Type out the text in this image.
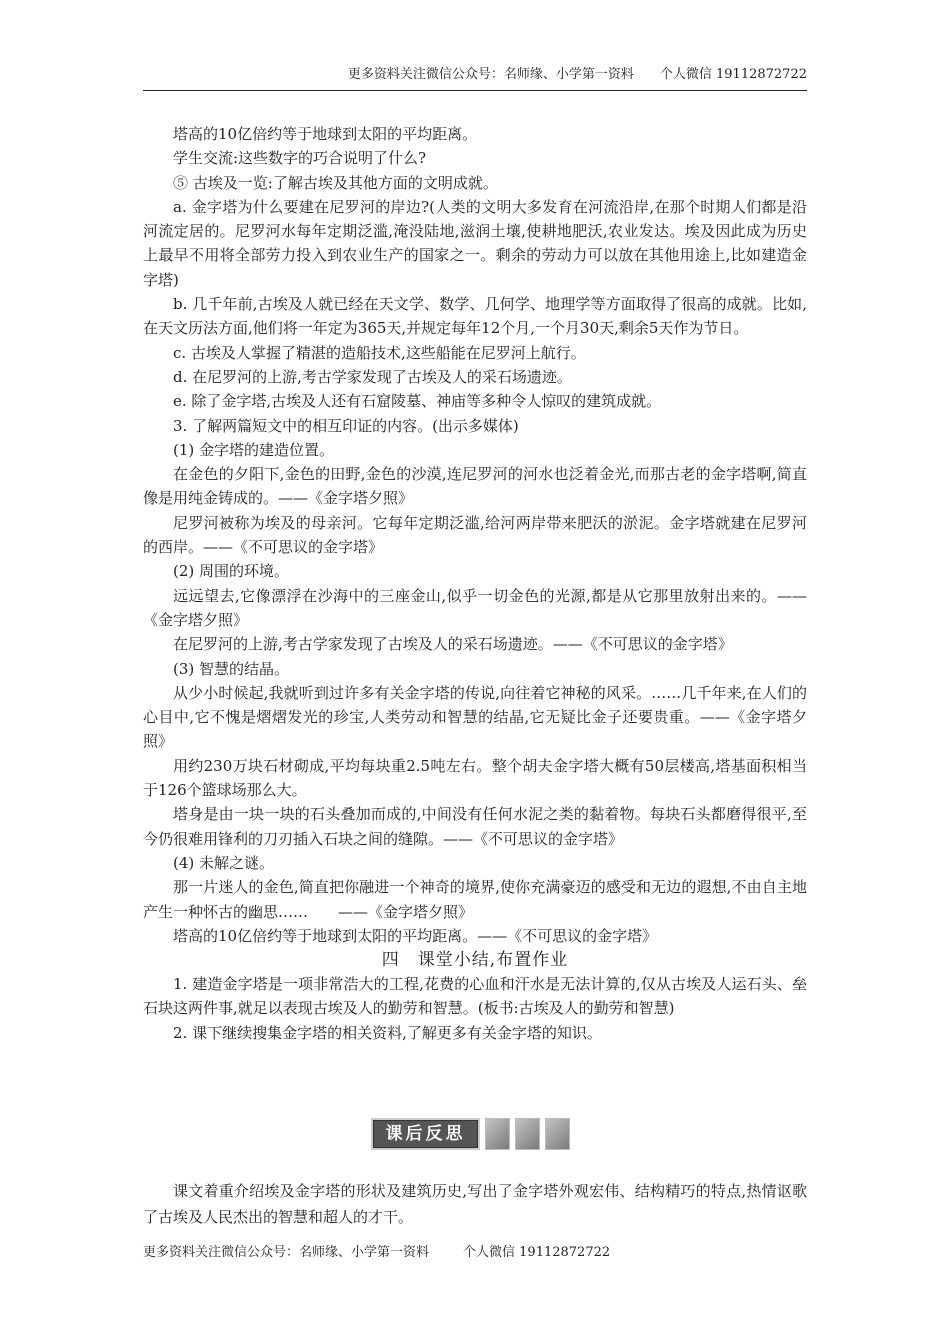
更多资料关注微信公众号：名师缘、小学第一资料 个人微信 19112872722

塔高的10亿倍约等于地球到太阳的平均距离。

学生交流:这些数字的巧合说明了什么?

⑤ 古埃及一览:了解古埃及其他方面的文明成就。

a. 金字塔为什么要建在尼罗河的岸边?(人类的文明大多发育在河流沿岸,在那个时期人们都是沿河流定居的。尼罗河水每年定期泛滥,淹没陆地,滋润土壤,使耕地肥沃,农业发达。埃及因此成为历史上最早不用将全部劳力投入到农业生产的国家之一。剩余的劳动力可以放在其他用途上,比如建造金字塔)

b. 几千年前,古埃及人就已经在天文学、数学、几何学、地理学等方面取得了很高的成就。比如,在天文历法方面,他们将一年定为365天,并规定每年12个月,一个月30天,剩余5天作为节日。

c. 古埃及人掌握了精湛的造船技术,这些船能在尼罗河上航行。

d. 在尼罗河的上游,考古学家发现了古埃及人的采石场遗迹。

e. 除了金字塔,古埃及人还有石窟陵墓、神庙等多种令人惊叹的建筑成就。

3. 了解两篇短文中的相互印证的内容。(出示多媒体)

(1) 金字塔的建造位置。

在金色的夕阳下,金色的田野,金色的沙漠,连尼罗河的河水也泛着金光,而那古老的金字塔啊,简直像是用纯金铸成的。——《金字塔夕照》

尼罗河被称为埃及的母亲河。它每年定期泛滥,给河两岸带来肥沃的淤泥。金字塔就建在尼罗河的西岸。——《不可思议的金字塔》

(2) 周围的环境。

远远望去,它像漂浮在沙海中的三座金山,似乎一切金色的光源,都是从它那里放射出来的。——《金字塔夕照》

在尼罗河的上游,考古学家发现了古埃及人的采石场遗迹。——《不可思议的金字塔》

(3) 智慧的结晶。

从少小时候起,我就听到过许多有关金字塔的传说,向往着它神秘的风采。……几千年来,在人们的心目中,它不愧是熠熠发光的珍宝,人类劳动和智慧的结晶,它无疑比金子还要贵重。——《金字塔夕照》

用约230万块石材砌成,平均每块重2.5吨左右。整个胡夫金字塔大概有50层楼高,塔基面积相当于126个篮球场那么大。

塔身是由一块一块的石头叠加而成的,中间没有任何水泥之类的黏着物。每块石头都磨得很平,至今仍很难用锋利的刀刃插入石块之间的缝隙。——《不可思议的金字塔》

(4) 未解之谜。

那一片迷人的金色,简直把你融进一个神奇的境界,使你充满豪迈的感受和无边的遐想,不由自主地产生一种怀古的幽思……　　——《金字塔夕照》

塔高的10亿倍约等于地球到太阳的平均距离。——《不可思议的金字塔》

四　课堂小结,布置作业

1. 建造金字塔是一项非常浩大的工程,花费的心血和汗水是无法计算的,仅从古埃及人运石头、垒石块这两件事,就足以表现古埃及人的勤劳和智慧。(板书:古埃及人的勤劳和智慧)

2. 课下继续搜集金字塔的相关资料,了解更多有关金字塔的知识。

课后反思

课文着重介绍埃及金字塔的形状及建筑历史,写出了金字塔外观宏伟、结构精巧的特点,热情讴歌了古埃及人民杰出的智慧和超人的才干。

更多资料关注微信公众号：名师缘、小学第一资料	个人微信 19112872722
